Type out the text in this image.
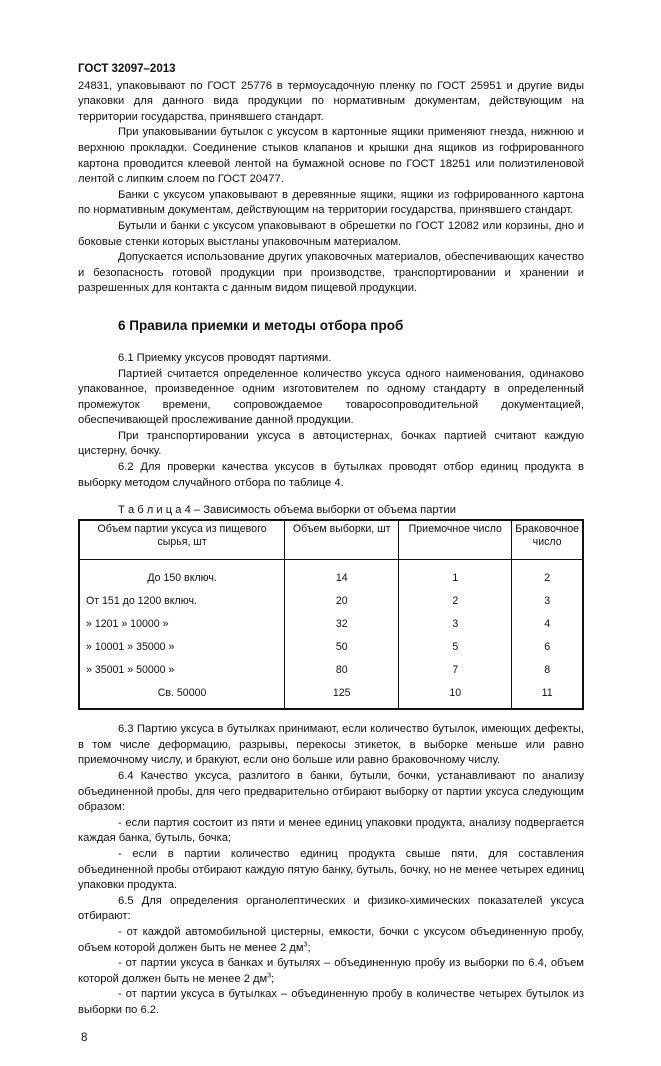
ГОСТ 32097–2013

24831, упаковывают по ГОСТ 25776 в термоусадочную пленку по ГОСТ 25951 и другие виды упаковки для данного вида продукции по нормативным документам, действующим на территории государства, принявшего стандарт.

При упаковывании бутылок с уксусом в картонные ящики применяют гнезда, нижнюю и верхнюю прокладки. Соединение стыков клапанов и крышки дна ящиков из гофрированного картона проводится клеевой лентой на бумажной основе по ГОСТ 18251 или полиэтиленовой лентой с липким слоем по ГОСТ 20477.

Банки с уксусом упаковывают в деревянные ящики, ящики из гофрированного картона по нормативным документам, действующим на территории государства, принявшего стандарт.

Бутыли и банки с уксусом упаковывают в обрешетки по ГОСТ 12082 или корзины, дно и боковые стенки которых выстланы упаковочным материалом.

Допускается использование других упаковочных материалов, обеспечивающих качество и безопасность готовой продукции при производстве, транспортировании и хранении и разрешенных для контакта с данным видом пищевой продукции.

6 Правила приемки и методы отбора проб

6.1 Приемку уксусов проводят партиями.

Партией считается определенное количество уксуса одного наименования, одинаково упакованное, произведенное одним изготовителем по одному стандарту в определенный промежуток времени, сопровождаемое товаросопроводительной документацией, обеспечивающей прослеживание данной продукции.

При транспортировании уксуса в автоцистернах, бочках партией считают каждую цистерну, бочку.

6.2 Для проверки качества уксусов в бутылках проводят отбор единиц продукта в выборку методом случайного отбора по таблице 4.

Т а б л и ц а 4 – Зависимость объема выборки от объема партии
Объем партии уксуса из пищевого сырья, шт	Объем выборки, шт	Приемочное число	Браковочное число
До 150 включ.	14	1	2
От 151 до 1200 включ.	20	2	3
» 1201 » 10000 »	32	3	4
» 10001 » 35000 »	50	5	6
» 35001 » 50000 »	80	7	8
Св. 50000	125	10	11

6.3 Партию уксуса в бутылках принимают, если количество бутылок, имеющих дефекты, в том числе деформацию, разрывы, перекосы этикеток, в выборке меньше или равно приемочному числу, и бракуют, если оно больше или равно браковочному числу.

6.4 Качество уксуса, разлитого в банки, бутыли, бочки, устанавливают по анализу объединенной пробы, для чего предварительно отбирают выборку от партии уксуса следующим образом:

- если партия состоит из пяти и менее единиц упаковки продукта, анализу подвергается каждая банка, бутыль, бочка;

- если в партии количество единиц продукта свыше пяти, для составления объединенной пробы отбирают каждую пятую банку, бутыль, бочку, но не менее четырех единиц упаковки продукта.

6.5 Для определения органолептических и физико-химических показателей уксуса отбирают:

- от каждой автомобильной цистерны, емкости, бочки с уксусом объединенную пробу, объем которой должен быть не менее 2 $дм^3$;

- от партии уксуса в банках и бутылях – объединенную пробу из выборки по 6.4, объем которой должен быть не менее 2 $дм^3$;

- от партии уксуса в бутылках – объединенную пробу в количестве четырех бутылок из выборки по 6.2.

8
